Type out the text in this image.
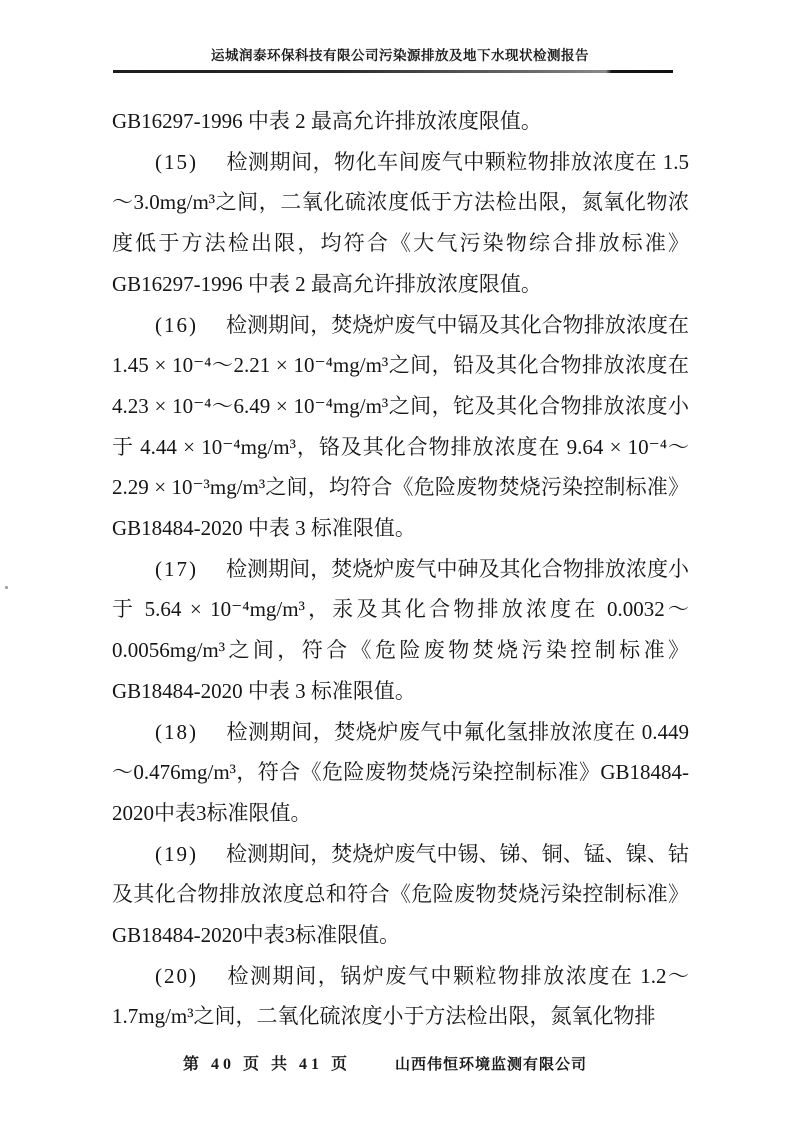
运城润泰环保科技有限公司污染源排放及地下水现状检测报告

GB16297-1996 中表 2 最高允许排放浓度限值。

(15) 检测期间，物化车间废气中颗粒物排放浓度在 1.5～3.0mg/m³之间，二氧化硫浓度低于方法检出限，氮氧化物浓度低于方法检出限，均符合《大气污染物综合排放标准》GB16297-1996 中表 2 最高允许排放浓度限值。

(16) 检测期间，焚烧炉废气中镉及其化合物排放浓度在 1.45 × 10⁻⁴～2.21 × 10⁻⁴mg/m³之间，铅及其化合物排放浓度在 4.23 × 10⁻⁴～6.49 × 10⁻⁴mg/m³之间，铊及其化合物排放浓度小于 4.44 × 10⁻⁴mg/m³，铬及其化合物排放浓度在 9.64 × 10⁻⁴～2.29 × 10⁻³mg/m³之间，均符合《危险废物焚烧污染控制标准》GB18484-2020 中表 3 标准限值。

(17) 检测期间，焚烧炉废气中砷及其化合物排放浓度小于 5.64 × 10⁻⁴mg/m³，汞及其化合物排放浓度在 0.0032～0.0056mg/m³之间，符合《危险废物焚烧污染控制标准》GB18484-2020 中表 3 标准限值。

(18) 检测期间，焚烧炉废气中氟化氢排放浓度在 0.449～0.476mg/m³，符合《危险废物焚烧污染控制标准》GB18484-2020中表3标准限值。

(19) 检测期间，焚烧炉废气中锡、锑、铜、锰、镍、钴及其化合物排放浓度总和符合《危险废物焚烧污染控制标准》GB18484-2020中表3标准限值。

(20) 检测期间，锅炉废气中颗粒物排放浓度在 1.2～1.7mg/m³之间，二氧化硫浓度小于方法检出限，氮氧化物排

第 40 页 共 41 页	山西伟恒环境监测有限公司
